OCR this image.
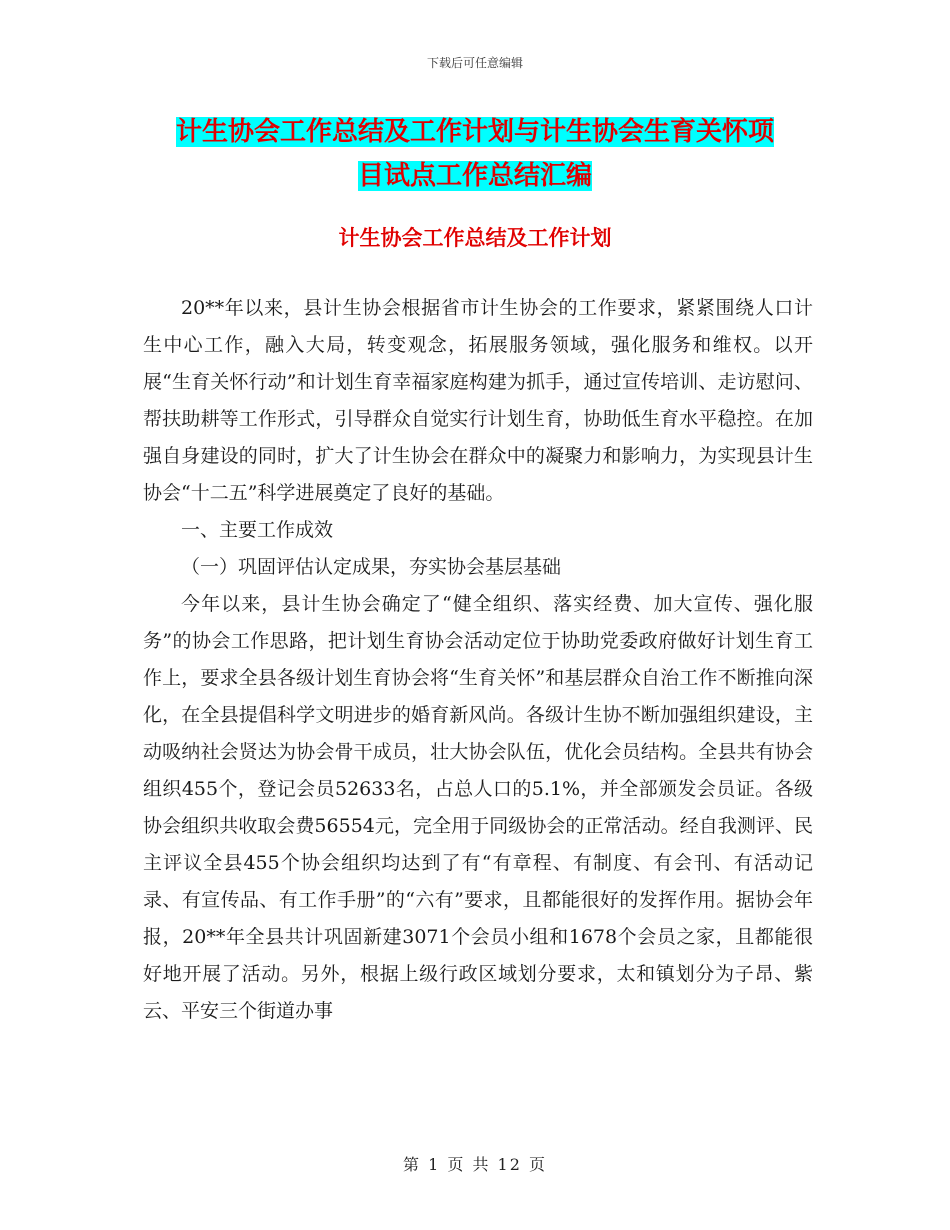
下载后可任意编辑
计生协会工作总结及工作计划与计生协会生育关怀项
目试点工作总结汇编
计生协会工作总结及工作计划

20**年以来，县计生协会根据省市计生协会的工作要求，紧紧围绕人口计生中心工作，融入大局，转变观念，拓展服务领域，强化服务和维权。以开展“生育关怀行动”和计划生育幸福家庭构建为抓手，通过宣传培训、走访慰问、帮扶助耕等工作形式，引导群众自觉实行计划生育，协助低生育水平稳控。在加强自身建设的同时，扩大了计生协会在群众中的凝聚力和影响力，为实现县计生协会“十二五”科学进展奠定了良好的基础。

一、主要工作成效

（一）巩固评估认定成果，夯实协会基层基础

今年以来，县计生协会确定了“健全组织、落实经费、加大宣传、强化服务”的协会工作思路，把计划生育协会活动定位于协助党委政府做好计划生育工作上，要求全县各级计划生育协会将“生育关怀”和基层群众自治工作不断推向深化，在全县提倡科学文明进步的婚育新风尚。各级计生协不断加强组织建设，主动吸纳社会贤达为协会骨干成员，壮大协会队伍，优化会员结构。全县共有协会组织455个，登记会员52633名，占总人口的5.1%，并全部颁发会员证。各级协会组织共收取会费56554元，完全用于同级协会的正常活动。经自我测评、民主评议全县455个协会组织均达到了有“有章程、有制度、有会刊、有活动记录、有宣传品、有工作手册”的“六有”要求，且都能很好的发挥作用。据协会年报，20**年全县共计巩固新建3071个会员小组和1678个会员之家，且都能很好地开展了活动。另外，根据上级行政区域划分要求，太和镇划分为子昂、紫云、平安三个街道办事

第 1 页 共 12 页
